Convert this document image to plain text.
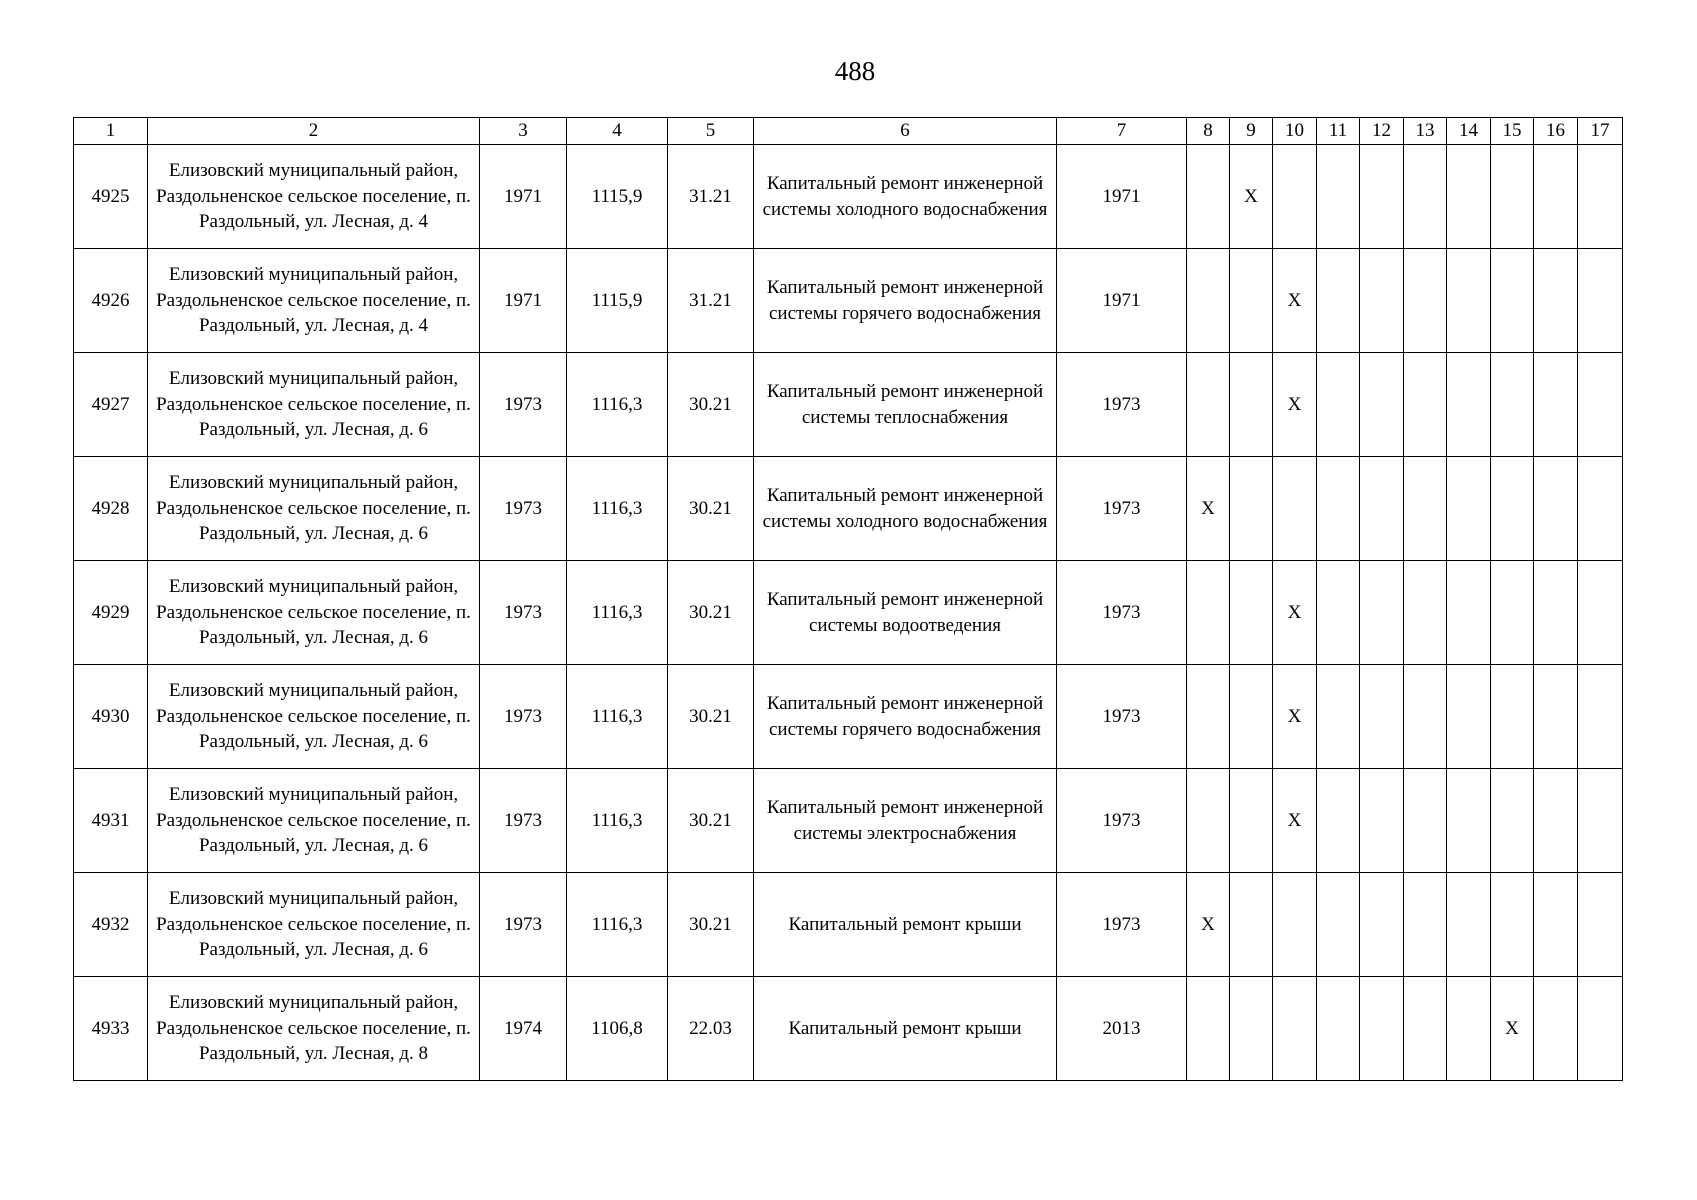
488
1	2	3	4	5	6	7	8	9	10	11	12	13	14	15	16	17
4925	Елизовский муниципальный район, Раздольненское сельское поселение, п. Раздольный, ул. Лесная, д. 4	1971	1115,9	31.21	Капитальный ремонт инженерной системы холодного водоснабжения	1971		X								
4926	Елизовский муниципальный район, Раздольненское сельское поселение, п. Раздольный, ул. Лесная, д. 4	1971	1115,9	31.21	Капитальный ремонт инженерной системы горячего водоснабжения	1971			X							
4927	Елизовский муниципальный район, Раздольненское сельское поселение, п. Раздольный, ул. Лесная, д. 6	1973	1116,3	30.21	Капитальный ремонт инженерной системы теплоснабжения	1973			X							
4928	Елизовский муниципальный район, Раздольненское сельское поселение, п. Раздольный, ул. Лесная, д. 6	1973	1116,3	30.21	Капитальный ремонт инженерной системы холодного водоснабжения	1973	X									
4929	Елизовский муниципальный район, Раздольненское сельское поселение, п. Раздольный, ул. Лесная, д. 6	1973	1116,3	30.21	Капитальный ремонт инженерной системы водоотведения	1973			X							
4930	Елизовский муниципальный район, Раздольненское сельское поселение, п. Раздольный, ул. Лесная, д. 6	1973	1116,3	30.21	Капитальный ремонт инженерной системы горячего водоснабжения	1973			X							
4931	Елизовский муниципальный район, Раздольненское сельское поселение, п. Раздольный, ул. Лесная, д. 6	1973	1116,3	30.21	Капитальный ремонт инженерной системы электроснабжения	1973			X							
4932	Елизовский муниципальный район, Раздольненское сельское поселение, п. Раздольный, ул. Лесная, д. 6	1973	1116,3	30.21	Капитальный ремонт крыши	1973	X									
4933	Елизовский муниципальный район, Раздольненское сельское поселение, п. Раздольный, ул. Лесная, д. 8	1974	1106,8	22.03	Капитальный ремонт крыши	2013								X		
